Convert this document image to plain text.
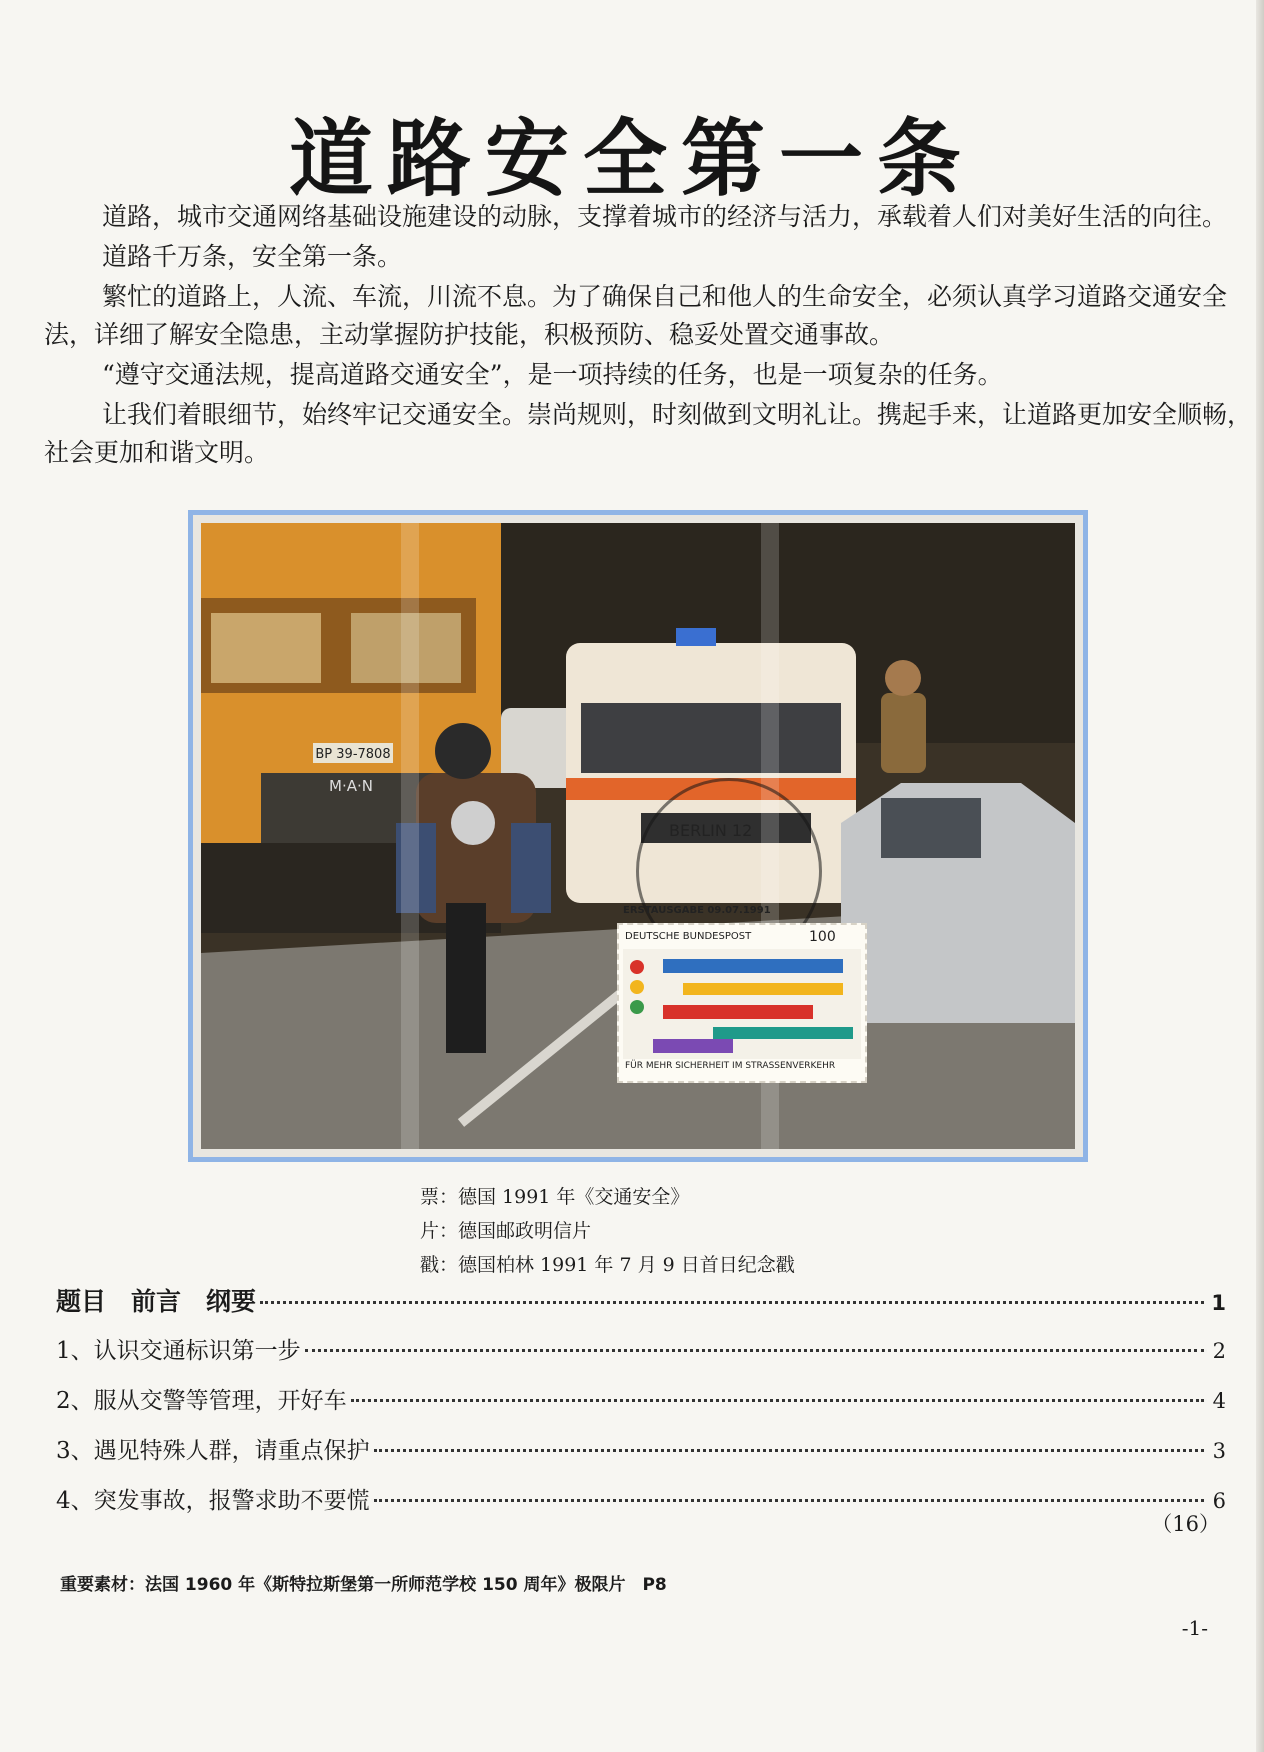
道路安全第一条

道路，城市交通网络基础设施建设的动脉，支撑着城市的经济与活力，承载着人们对美好生活的向往。

道路千万条，安全第一条。

繁忙的道路上，人流、车流，川流不息。为了确保自己和他人的生命安全，必须认真学习道路交通安全法，详细了解安全隐患，主动掌握防护技能，积极预防、稳妥处置交通事故。

“遵守交通法规，提高道路交通安全”，是一项持续的任务，也是一项复杂的任务。

让我们着眼细节，始终牢记交通安全。崇尚规则，时刻做到文明礼让。携起手来，让道路更加安全顺畅，社会更加和谐文明。

BP 39-7808
M·A·N
BERLIN 12
ERSTAUSGABE 09.07.1991
DEUTSCHE BUNDESPOST	100
FÜR MEHR SICHERHEIT IM STRASSENVERKEHR
票：德国 1991 年《交通安全》
片：德国邮政明信片
戳：德国柏林 1991 年 7 月 9 日首日纪念戳
题目　前言　纲要	1
1、认识交通标识第一步	2
2、服从交警等管理，开好车	4
3、遇见特殊人群，请重点保护	3
4、突发事故，报警求助不要慌	6
（16）
重要素材：法国 1960 年《斯特拉斯堡第一所师范学校 150 周年》极限片　P8
-1-
